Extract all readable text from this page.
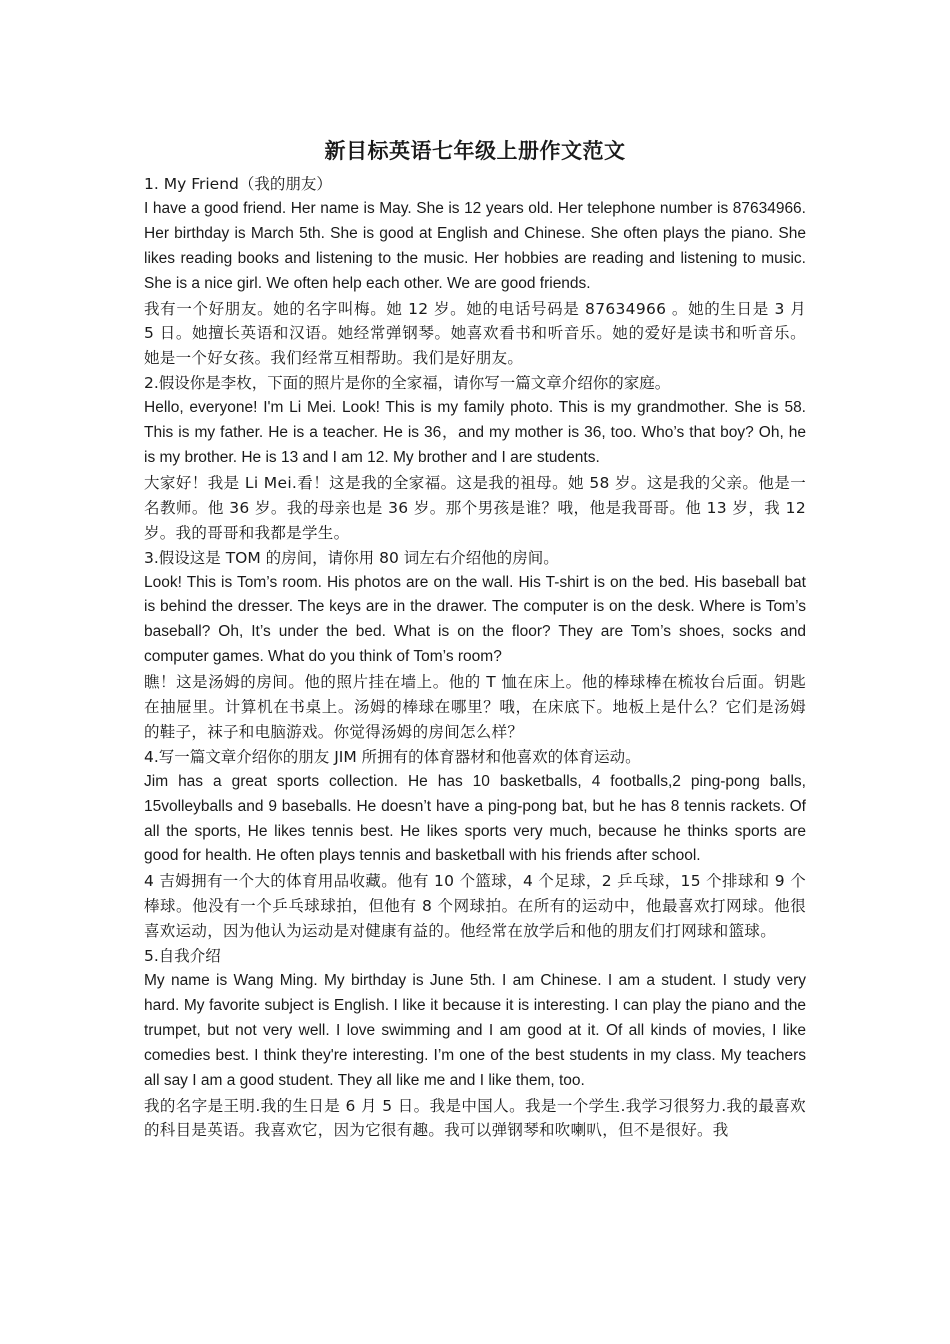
新目标英语七年级上册作文范文

1. My Friend（我的朋友）

I have a good friend. Her name is May. She is 12 years old. Her telephone number is 87634966. Her birthday is March 5th. She is good at English and Chinese. She often plays the piano. She likes reading books and listening to the music. Her hobbies are reading and listening to music. She is a nice girl. We often help each other. We are good friends.

我有一个好朋友。她的名字叫梅。她 12 岁。她的电话号码是 87634966 。她的生日是 3 月 5 日。她擅长英语和汉语。她经常弹钢琴。她喜欢看书和听音乐。她的爱好是读书和听音乐。她是一个好女孩。我们经常互相帮助。我们是好朋友。

2.假设你是李枚，下面的照片是你的全家福，请你写一篇文章介绍你的家庭。

Hello, everyone! I'm Li Mei. Look! This is my family photo. This is my grandmother. She is 58. This is my father. He is a teacher. He is 36，and my mother is 36, too. Who’s that boy? Oh, he is my brother. He is 13 and I am 12. My brother and I are students.

大家好！我是 Li Mei.看！这是我的全家福。这是我的祖母。她 58 岁。这是我的父亲。他是一名教师。他 36 岁。我的母亲也是 36 岁。那个男孩是谁？哦，他是我哥哥。他 13 岁，我 12 岁。我的哥哥和我都是学生。

3.假设这是 TOM 的房间，请你用 80 词左右介绍他的房间。

Look! This is Tom’s room. His photos are on the wall. His T-shirt is on the bed. His baseball bat is behind the dresser. The keys are in the drawer. The computer is on the desk. Where is Tom’s baseball? Oh, It’s under the bed. What is on the floor? They are Tom’s shoes, socks and computer games. What do you think of Tom’s room?

瞧！这是汤姆的房间。他的照片挂在墙上。他的 T 恤在床上。他的棒球棒在梳妆台后面。钥匙在抽屉里。计算机在书桌上。汤姆的棒球在哪里？哦，在床底下。地板上是什么？它们是汤姆的鞋子，袜子和电脑游戏。你觉得汤姆的房间怎么样？

4.写一篇文章介绍你的朋友 JIM 所拥有的体育器材和他喜欢的体育运动。

Jim has a great sports collection. He has 10 basketballs, 4 footballs,2 ping-pong balls, 15volleyballs and 9 baseballs. He doesn’t have a ping-pong bat, but he has 8 tennis rackets. Of all the sports, He likes tennis best. He likes sports very much, because he thinks sports are good for health. He often plays tennis and basketball with his friends after school.

4 吉姆拥有一个大的体育用品收藏。他有 10 个篮球，4 个足球，2 乒乓球，15 个排球和 9 个棒球。他没有一个乒乓球球拍，但他有 8 个网球拍。在所有的运动中，他最喜欢打网球。他很喜欢运动，因为他认为运动是对健康有益的。他经常在放学后和他的朋友们打网球和篮球。

5.自我介绍

My name is Wang Ming. My birthday is June 5th. I am Chinese. I am a student. I study very hard. My favorite subject is English. I like it because it is interesting. I can play the piano and the trumpet, but not very well. I love swimming and I am good at it. Of all kinds of movies, I like comedies best. I think they're interesting. I’m one of the best students in my class. My teachers all say I am a good student. They all like me and I like them, too.

我的名字是王明.我的生日是 6 月 5 日。我是中国人。我是一个学生.我学习很努力.我的最喜欢的科目是英语。我喜欢它，因为它很有趣。我可以弹钢琴和吹喇叭，但不是很好。我
